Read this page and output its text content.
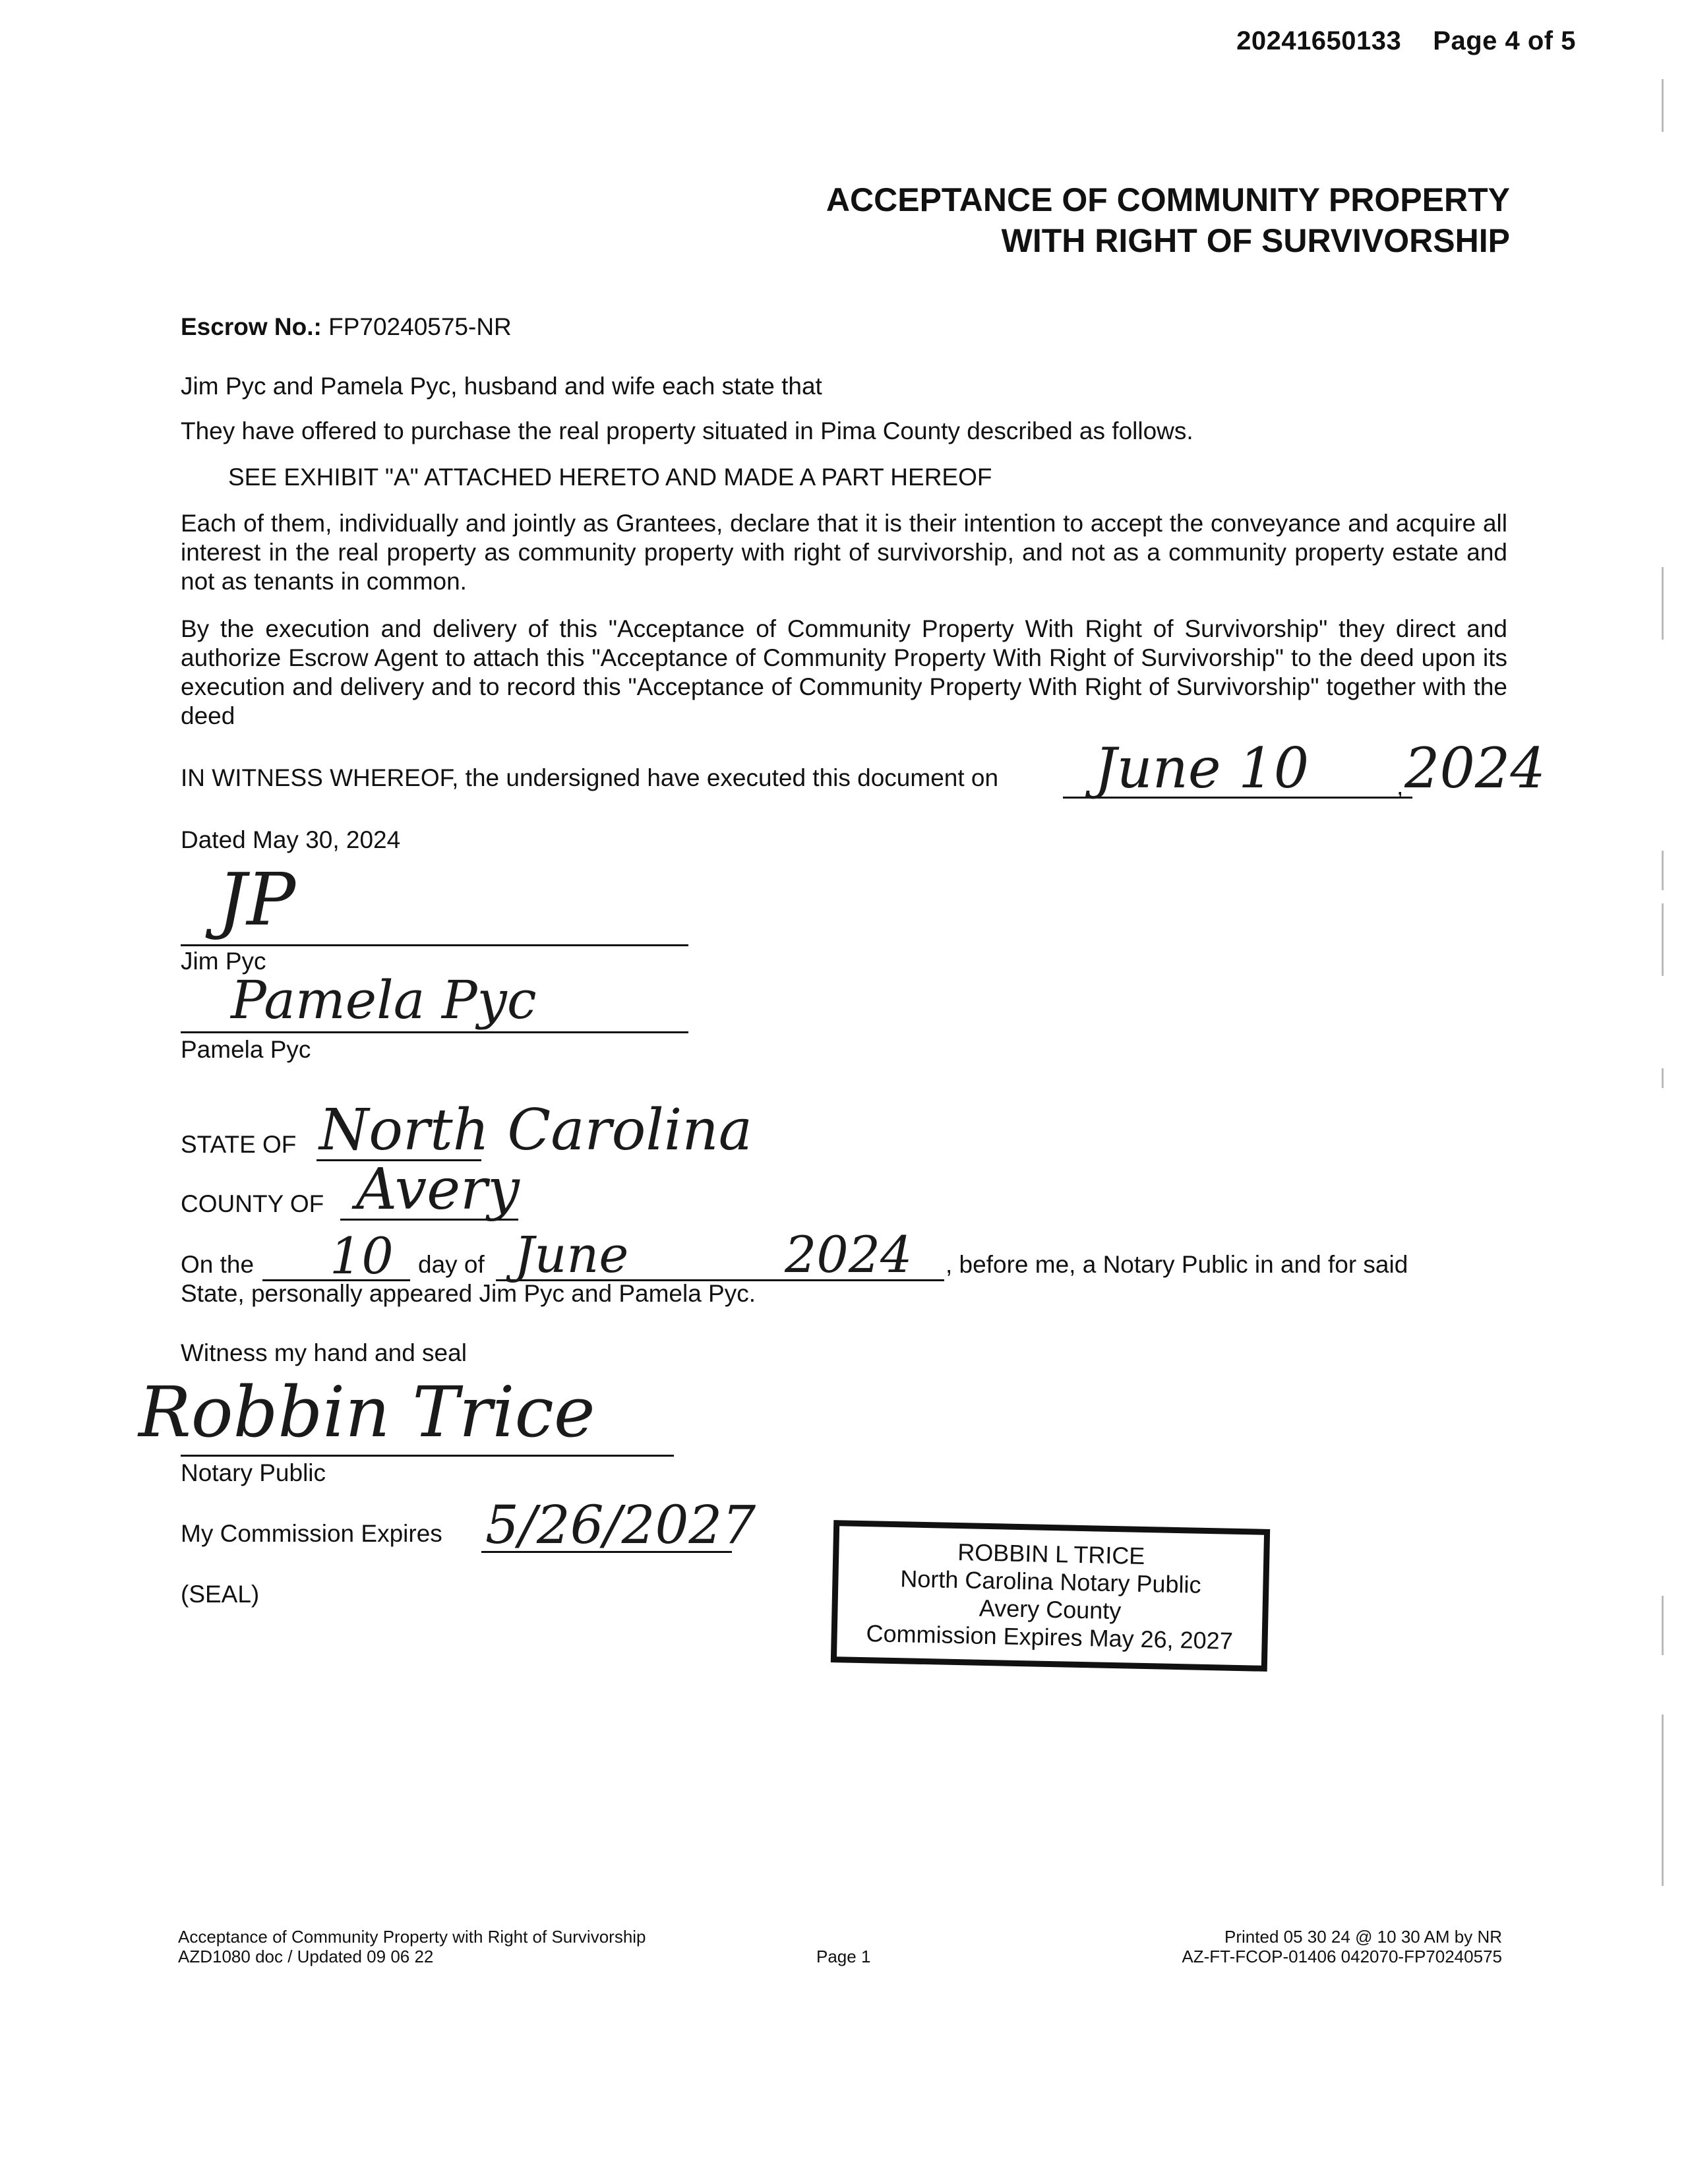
20241650133 Page 4 of 5
ACCEPTANCE OF COMMUNITY PROPERTY
WITH RIGHT OF SURVIVORSHIP
Escrow No.: FP70240575-NR
Jim Pyc and Pamela Pyc, husband and wife each state that
They have offered to purchase the real property situated in Pima County described as follows.
SEE EXHIBIT "A" ATTACHED HERETO AND MADE A PART HEREOF
Each of them, individually and jointly as Grantees, declare that it is their intention to accept the conveyance and acquire all interest in the real property as community property with right of survivorship, and not as a community property estate and not as tenants in common.
By the execution and delivery of this "Acceptance of Community Property With Right of Survivorship" they direct and authorize Escrow Agent to attach this "Acceptance of Community Property With Right of Survivorship" to the deed upon its execution and delivery and to record this "Acceptance of Community Property With Right of Survivorship" together with the deed
IN WITNESS WHEREOF, the undersigned have executed this document on June 10	, 2024
Dated May 30, 2024
JP
Jim Pyc
Pamela Pyc
Pamela Pyc
STATE OF North Carolina
COUNTY OF Avery
On the 10 day of June	2024 , before me, a Notary Public in and for said
State, personally appeared Jim Pyc and Pamela Pyc.
Witness my hand and seal
Robbin Trice
Notary Public
My Commission Expires 5/26/2027
(SEAL)
ROBBIN L TRICE
North Carolina Notary Public
Avery County
Commission Expires May 26, 2027
Acceptance of Community Property with Right of Survivorship
AZD1080 doc / Updated 09 06 22	Page 1
Printed 05 30 24 @ 10 30 AM by NR
AZ-FT-FCOP-01406 042070-FP70240575
